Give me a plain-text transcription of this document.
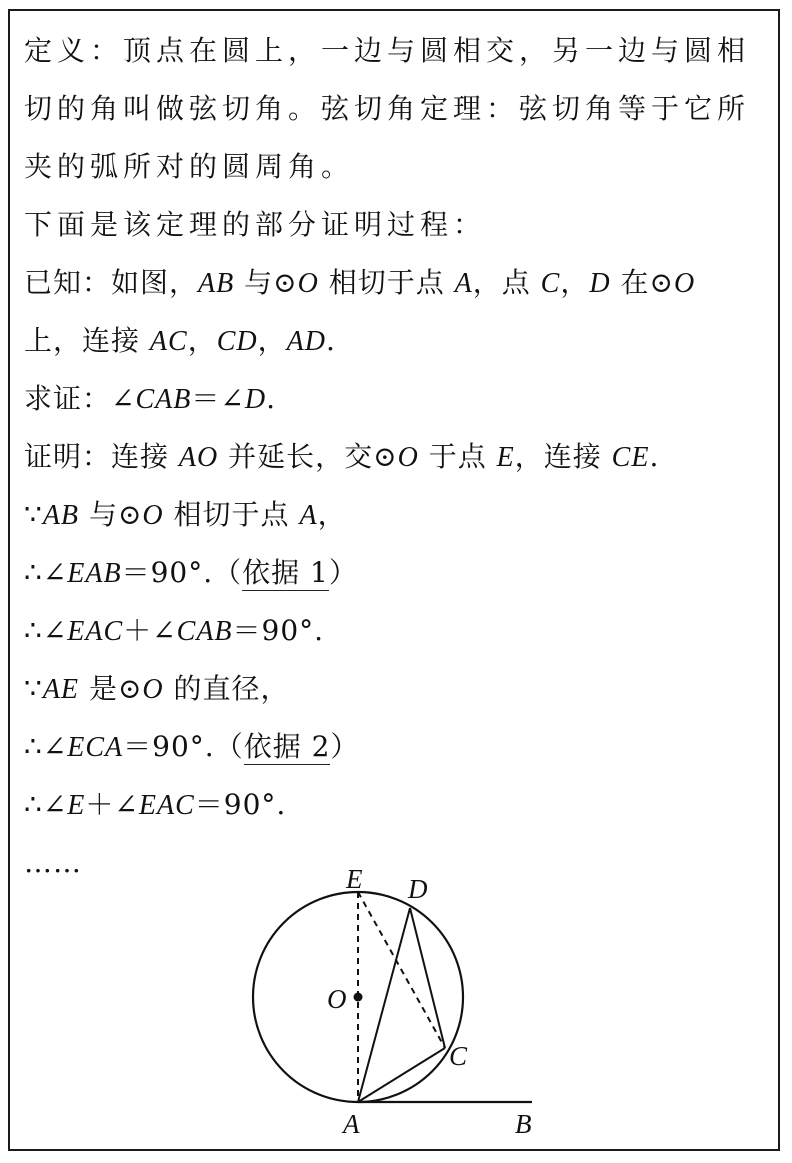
定义：顶点在圆上，一边与圆相交，另一边与圆相
切的角叫做弦切角。弦切角定理：弦切角等于它所
夹的弧所对的圆周角。
下面是该定理的部分证明过程：
已知：如图，AB 与⊙O 相切于点 A，点 C，D 在⊙O
上，连接 AC，CD，AD.
求证：∠CAB＝∠D.
证明：连接 AO 并延长，交⊙O 于点 E，连接 CE.
∵AB 与⊙O 相切于点 A，
∴∠EAB＝90°.（依据 1）
∴∠EAC＋∠CAB＝90°.
∵AE 是⊙O 的直径，
∴∠ECA＝90°.（依据 2）
∴∠E＋∠EAC＝90°.
……	E D
O
C
A	B
